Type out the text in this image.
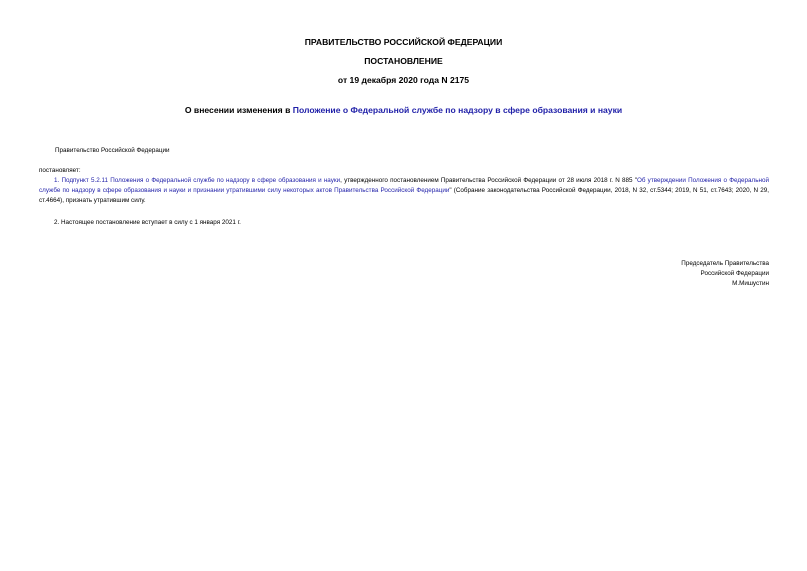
ПРАВИТЕЛЬСТВО РОССИЙСКОЙ ФЕДЕРАЦИИ
ПОСТАНОВЛЕНИЕ
от 19 декабря 2020 года N 2175
О внесении изменения в Положение о Федеральной службе по надзору в сфере образования и науки
Правительство Российской Федерации
постановляет:
1. Подпункт 5.2.11 Положения о Федеральной службе по надзору в сфере образования и науки, утвержденного постановлением Правительства Российской Федерации от 28 июля 2018 г. N 885 "Об утверждении Положения о Федеральной службе по надзору в сфере образования и науки и признании утратившими силу некоторых актов Правительства Российской Федерации" (Собрание законодательства Российской Федерации, 2018, N 32, ст.5344; 2019, N 51, ст.7643; 2020, N 29, ст.4664), признать утратившим силу.
2. Настоящее постановление вступает в силу с 1 января 2021 г.
Председатель Правительства
Российской Федерации
М.Мишустин
